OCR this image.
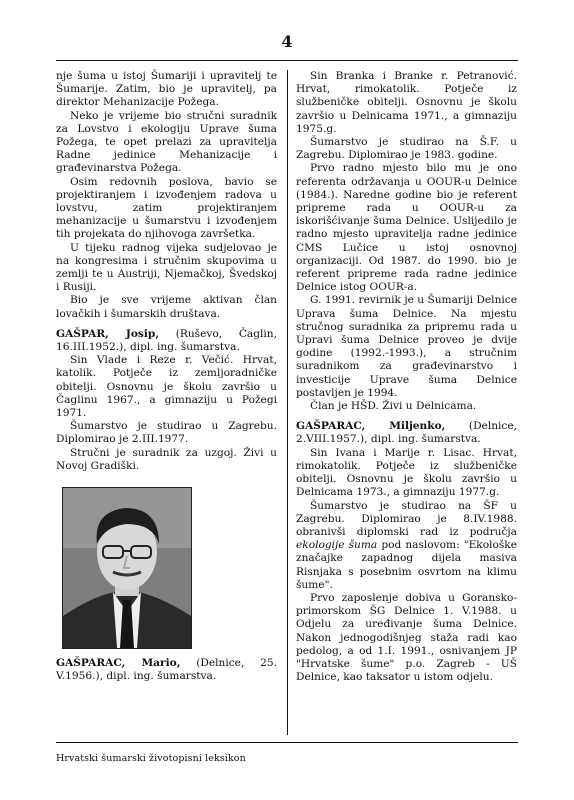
4

nje šuma u istoj Šumariji i upravitelj te Šumarije. Zatim, bio je upravitelj, pa direktor Mehanizacije Požega.

Neko je vrijeme bio stručni suradnik za Lovstvo i ekologiju Uprave šuma Požega, te opet prelazi za upravitelja Radne jedinice Mehanizacije i građevinarstva Požega.

Osim redovnih poslova, bavio se projektiranjem i izvođenjem radova u lovstvu, zatim projektiranjem mehanizacije u šumarstvu i izvođenjem tih projekata do njihovoga završetka.

U tijeku radnog vijeka sudjelovao je na kongresima i stručnim skupovima u zemlji te u Austriji, Njemačkoj, Švedskoj i Rusiji.

Bio je sve vrijeme aktivan član lovačkih i šumarskih društava.

GAŠPAR, Josip, (Ruševo, Čaglin, 16.III.1952.), dipl. ing. šumarstva.

Sin Vlade i Reze r. Večić. Hrvat, katolik. Potječe iz zemljoradničke obitelji. Osnovnu je školu završio u Čaglinu 1967., a gimnaziju u Požegi 1971.

Šumarstvo je studirao u Zagrebu. Diplomirao je 2.III.1977.

Stručni je suradnik za uzgoj. Živi u Novoj Gradiški.

GAŠPARAC, Mario, (Delnice, 25. V.1956.), dipl. ing. šumarstva.

Sin Branka i Branke r. Petranović. Hrvat, rimokatolik. Potječe iz službeničke obitelji. Osnovnu je školu završio u Delnicama 1971., a gimnaziju 1975.g.

Šumarstvo je studirao na Š.F. u Zagrebu. Diplomirao je 1983. godine.

Prvo radno mjesto bilo mu je ono referenta održavanja u OOUR-u Delnice (1984.). Naredne godine bio je referent pripreme rada u OOUR-u za iskorišćivanje šuma Delnice. Uslijedilo je radno mjesto upravitelja radne jedinice CMS Lučice u istoj osnovnoj organizaciji. Od 1987. do 1990. bio je referent pripreme rada radne jedinice Delnice istog OOUR-a.

G. 1991. revirnik je u Šumariji Delnice Uprava šuma Delnice. Na mjestu stručnog suradnika za pripremu rada u Upravi šuma Delnice proveo je dvije godine (1992.-1993.), a stručnim suradnikom za građevinarstvo i investicije Uprave šuma Delnice postavljen je 1994.

Član je HŠD. Živi u Delnicama.

GAŠPARAC, Miljenko, (Delnice, 2.VIII.1957.), dipl. ing. šumarstva.

Sin Ivana i Marije r. Lisac. Hrvat, rimokatolik. Potječe iz službeničke obitelji. Osnovnu je školu završio u Delnicama 1973., a gimnaziju 1977.g.

Šumarstvo je studirao na ŠF u Zagrebu. Diplomirao je 8.IV.1988. obranivši diplomski rad iz područja ekologije šuma pod naslovom: "Ekološke značajke zapadnog dijela masiva Risnjaka s posebnim osvrtom na klimu šume".

Prvo zaposlenje dobiva u Goransko-primorskom ŠG Delnice 1. V.1988. u Odjelu za uređivanje šuma Delnice. Nakon jednogodišnjeg staža radi kao pedolog, a od 1.I. 1991., osnivanjem JP "Hrvatske šume" p.o. Zagreb - UŠ Delnice, kao taksator u istom odjelu.

Hrvatski šumarski životopisni leksikon
